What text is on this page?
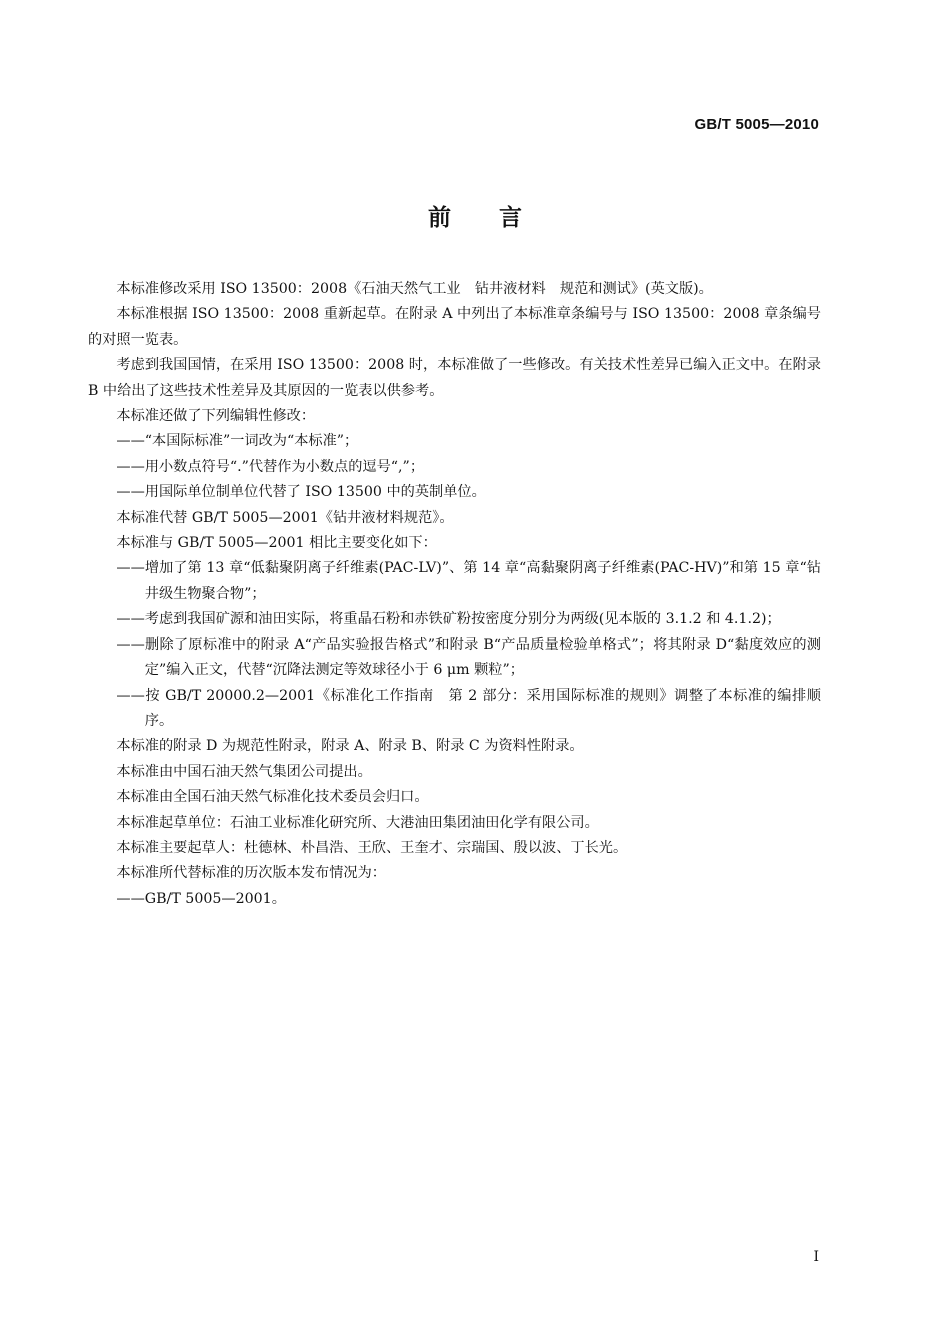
GB/T 5005—2010
前 言

本标准修改采用 ISO 13500：2008《石油天然气工业　钻井液材料　规范和测试》(英文版)。

本标准根据 ISO 13500：2008 重新起草。在附录 A 中列出了本标准章条编号与 ISO 13500：2008 章条编号的对照一览表。

考虑到我国国情，在采用 ISO 13500：2008 时，本标准做了一些修改。有关技术性差异已编入正文中。在附录 B 中给出了这些技术性差异及其原因的一览表以供参考。

本标准还做了下列编辑性修改：

——“本国际标准”一词改为“本标准”；

——用小数点符号“.”代替作为小数点的逗号“,”；

——用国际单位制单位代替了 ISO 13500 中的英制单位。

本标准代替 GB/T 5005—2001《钻井液材料规范》。

本标准与 GB/T 5005—2001 相比主要变化如下：

——增加了第 13 章“低黏聚阴离子纤维素(PAC-LV)”、第 14 章“高黏聚阴离子纤维素(PAC-HV)”和第 15 章“钻井级生物聚合物”；

——考虑到我国矿源和油田实际，将重晶石粉和赤铁矿粉按密度分别分为两级(见本版的 3.1.2 和 4.1.2)；

——删除了原标准中的附录 A“产品实验报告格式”和附录 B“产品质量检验单格式”；将其附录 D“黏度效应的测定”编入正文，代替“沉降法测定等效球径小于 6 μm 颗粒”；

——按 GB/T 20000.2—2001《标准化工作指南　第 2 部分：采用国际标准的规则》调整了本标准的编排顺序。

本标准的附录 D 为规范性附录，附录 A、附录 B、附录 C 为资料性附录。

本标准由中国石油天然气集团公司提出。

本标准由全国石油天然气标准化技术委员会归口。

本标准起草单位：石油工业标准化研究所、大港油田集团油田化学有限公司。

本标准主要起草人：杜德林、朴昌浩、王欣、王奎才、宗瑞国、殷以波、丁长光。

本标准所代替标准的历次版本发布情况为：

——GB/T 5005—2001。

I
